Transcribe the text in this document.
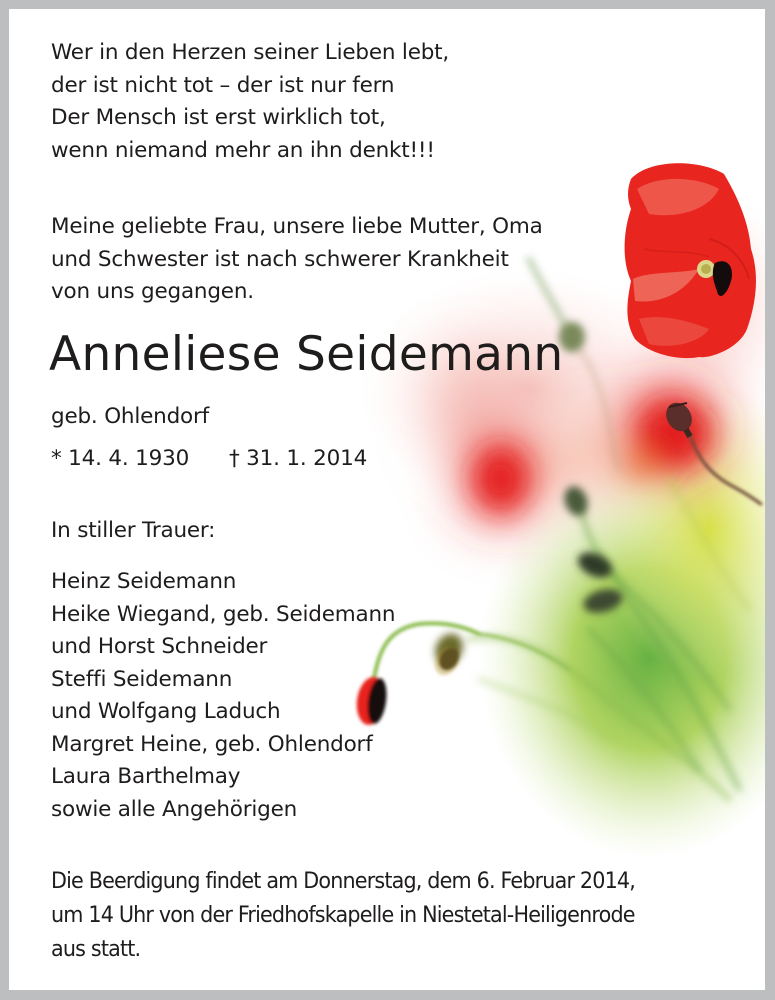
Wer in den Herzen seiner Lieben lebt,
der ist nicht tot – der ist nur fern
Der Mensch ist erst wirklich tot,
wenn niemand mehr an ihn denkt!!!
Meine geliebte Frau, unsere liebe Mutter, Oma
und Schwester ist nach schwerer Krankheit
von uns gegangen.
Anneliese Seidemann
geb. Ohlendorf
* 14. 4. 1930 † 31. 1. 2014
In stiller Trauer:
Heinz Seidemann
Heike Wiegand, geb. Seidemann
und Horst Schneider
Steffi Seidemann
und Wolfgang Laduch
Margret Heine, geb. Ohlendorf
Laura Barthelmay
sowie alle Angehörigen
Die Beerdigung findet am Donnerstag, dem 6. Februar 2014,
um 14 Uhr von der Friedhofskapelle in Niestetal-Heiligenrode
aus statt.
